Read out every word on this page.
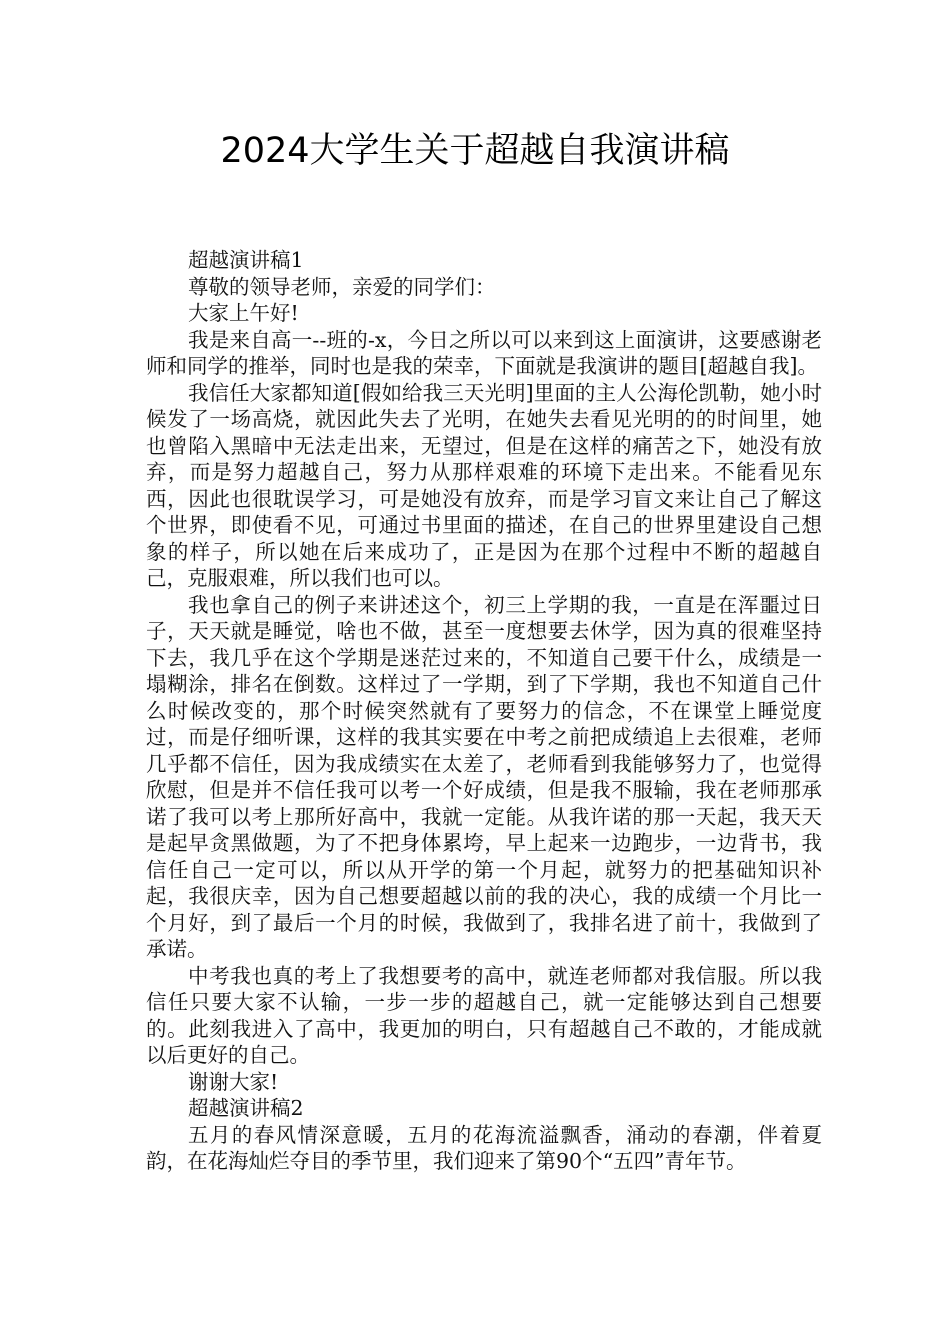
2024大学生关于超越自我演讲稿

超越演讲稿1

尊敬的领导老师，亲爱的同学们：

大家上午好!

我是来自高一--班的-x，今日之所以可以来到这上面演讲，这要感谢老师和同学的推举，同时也是我的荣幸，下面就是我演讲的题目[超越自我]。

我信任大家都知道[假如给我三天光明]里面的主人公海伦凯勒，她小时候发了一场高烧，就因此失去了光明，在她失去看见光明的的时间里，她也曾陷入黑暗中无法走出来，无望过，但是在这样的痛苦之下，她没有放弃，而是努力超越自己，努力从那样艰难的环境下走出来。不能看见东西，因此也很耽误学习，可是她没有放弃，而是学习盲文来让自己了解这个世界，即使看不见，可通过书里面的描述，在自己的世界里建设自己想象的样子，所以她在后来成功了，正是因为在那个过程中不断的超越自己，克服艰难，所以我们也可以。

我也拿自己的例子来讲述这个，初三上学期的我，一直是在浑噩过日子，天天就是睡觉，啥也不做，甚至一度想要去休学，因为真的很难坚持下去，我几乎在这个学期是迷茫过来的，不知道自己要干什么，成绩是一塌糊涂，排名在倒数。这样过了一学期，到了下学期，我也不知道自己什么时候改变的，那个时候突然就有了要努力的信念，不在课堂上睡觉度过，而是仔细听课，这样的我其实要在中考之前把成绩追上去很难，老师几乎都不信任，因为我成绩实在太差了，老师看到我能够努力了，也觉得欣慰，但是并不信任我可以考一个好成绩，但是我不服输，我在老师那承诺了我可以考上那所好高中，我就一定能。从我许诺的那一天起，我天天是起早贪黑做题，为了不把身体累垮，早上起来一边跑步，一边背书，我信任自己一定可以，所以从开学的第一个月起，就努力的把基础知识补起，我很庆幸，因为自己想要超越以前的我的决心，我的成绩一个月比一个月好，到了最后一个月的时候，我做到了，我排名进了前十，我做到了承诺。

中考我也真的考上了我想要考的高中，就连老师都对我信服。所以我信任只要大家不认输，一步一步的超越自己，就一定能够达到自己想要的。此刻我进入了高中，我更加的明白，只有超越自己不敢的，才能成就以后更好的自己。

谢谢大家!

超越演讲稿2

五月的春风情深意暖，五月的花海流溢飘香，涌动的春潮，伴着夏韵，在花海灿烂夺目的季节里，我们迎来了第90个“五四”青年节。
